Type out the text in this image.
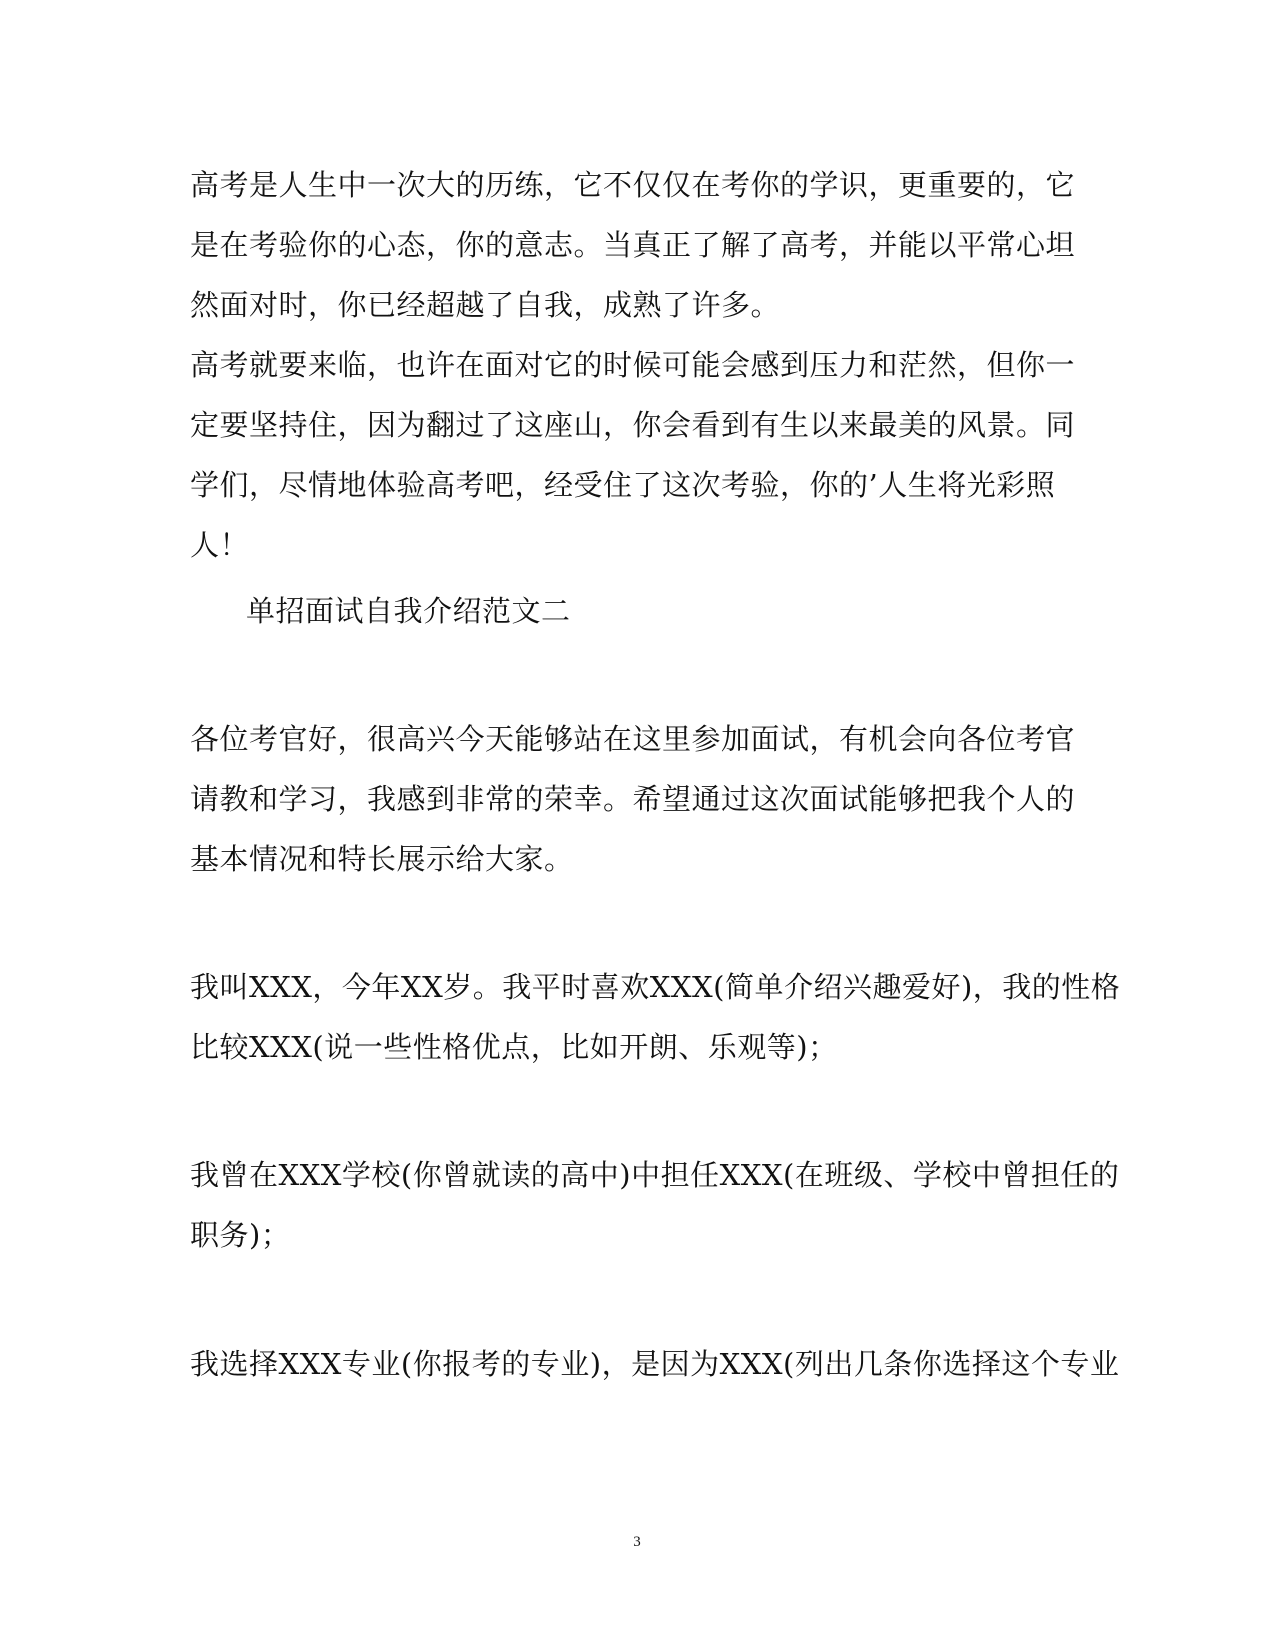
高考是人生中一次大的历练，它不仅仅在考你的学识，更重要的，它
是在考验你的心态，你的意志。当真正了解了高考，并能以平常心坦
然面对时，你已经超越了自我，成熟了许多。
高考就要来临，也许在面对它的时候可能会感到压力和茫然，但你一
定要坚持住，因为翻过了这座山，你会看到有生以来最美的风景。同
学们，尽情地体验高考吧，经受住了这次考验，你的’人生将光彩照
人！
单招面试自我介绍范文二
各位考官好，很高兴今天能够站在这里参加面试，有机会向各位考官
请教和学习，我感到非常的荣幸。希望通过这次面试能够把我个人的
基本情况和特长展示给大家。
我叫XXX，今年XX岁。我平时喜欢XXX(简单介绍兴趣爱好)，我的性格
比较XXX(说一些性格优点，比如开朗、乐观等)；
我曾在XXX学校(你曾就读的高中)中担任XXX(在班级、学校中曾担任的
职务)；
我选择XXX专业(你报考的专业)，是因为XXX(列出几条你选择这个专业
3
